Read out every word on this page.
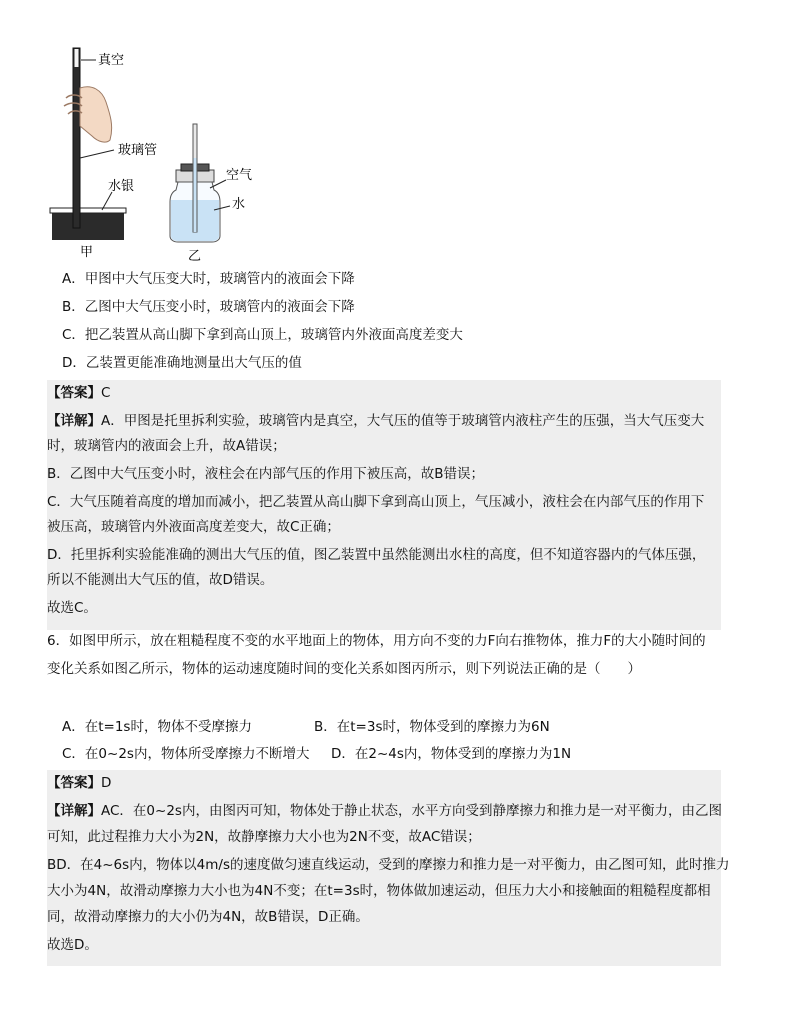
真空
玻璃管
水银
甲
空气
水
乙
A．甲图中大气压变大时，玻璃管内的液面会下降
B．乙图中大气压变小时，玻璃管内的液面会下降
C．把乙装置从高山脚下拿到高山顶上，玻璃管内外液面高度差变大
D．乙装置更能准确地测量出大气压的值
【答案】C
【详解】A．甲图是托里拆利实验，玻璃管内是真空，大气压的值等于玻璃管内液柱产生的压强，当大气压变大
时，玻璃管内的液面会上升，故A错误；
B．乙图中大气压变小时，液柱会在内部气压的作用下被压高，故B错误；
C．大气压随着高度的增加而减小，把乙装置从高山脚下拿到高山顶上，气压减小，液柱会在内部气压的作用下
被压高，玻璃管内外液面高度差变大，故C正确；
D．托里拆利实验能准确的测出大气压的值，图乙装置中虽然能测出水柱的高度，但不知道容器内的气体压强，
所以不能测出大气压的值，故D错误。
故选C。
6．如图甲所示，放在粗糙程度不变的水平地面上的物体，用方向不变的力F向右推物体，推力F的大小随时间的
变化关系如图乙所示，物体的运动速度随时间的变化关系如图丙所示，则下列说法正确的是（　　）
A．在t=1s时，物体不受摩擦力	B．在t=3s时，物体受到的摩擦力为6N
C．在0~2s内，物体所受摩擦力不断增大 D．在2~4s内，物体受到的摩擦力为1N
【答案】D
【详解】AC．在0~2s内，由图丙可知，物体处于静止状态，水平方向受到静摩擦力和推力是一对平衡力，由乙图
可知，此过程推力大小为2N，故静摩擦力大小也为2N不变，故AC错误；
BD．在4~6s内，物体以4m/s的速度做匀速直线运动，受到的摩擦力和推力是一对平衡力，由乙图可知，此时推力
大小为4N，故滑动摩擦力大小也为4N不变；在t=3s时，物体做加速运动，但压力大小和接触面的粗糙程度都相
同，故滑动摩擦力的大小仍为4N，故B错误，D正确。
故选D。
